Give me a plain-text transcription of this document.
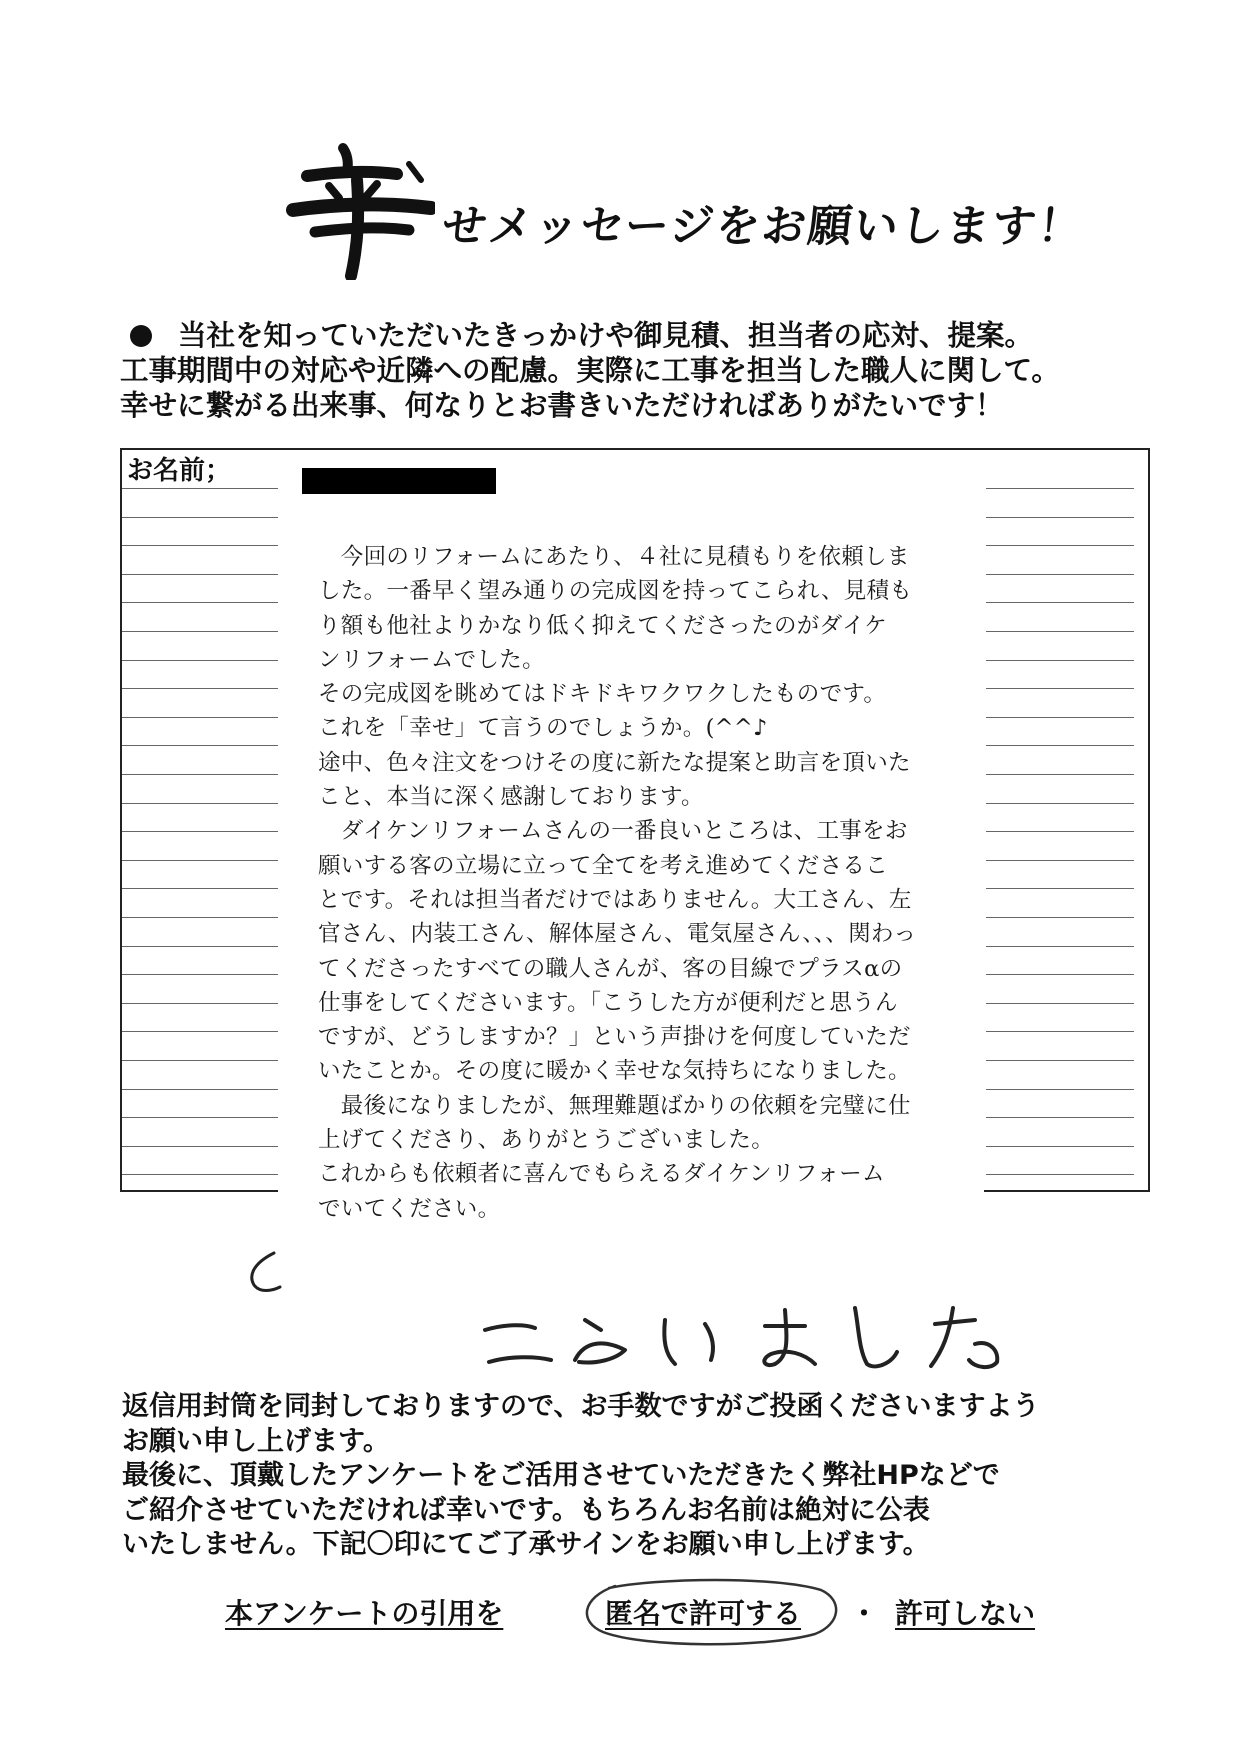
せメッセージをお願いします！
当社を知っていただいたきっかけや御見積、担当者の応対、提案。
工事期間中の対応や近隣への配慮。実際に工事を担当した職人に関して。
幸せに繋がる出来事、何なりとお書きいただければありがたいです！
お名前；
　今回のリフォームにあたり、４社に見積もりを依頼しま
した。一番早く望み通りの完成図を持ってこられ、見積も
り額も他社よりかなり低く抑えてくださったのがダイケ
ンリフォームでした。
その完成図を眺めてはドキドキワクワクしたものです。
これを「幸せ」て言うのでしょうか。(^^♪
途中、色々注文をつけその度に新たな提案と助言を頂いた
こと、本当に深く感謝しております。
　ダイケンリフォームさんの一番良いところは、工事をお
願いする客の立場に立って全てを考え進めてくださるこ
とです。それは担当者だけではありません。大工さん、左
官さん、内装工さん、解体屋さん、電気屋さん、、、関わっ
てくださったすべての職人さんが、客の目線でプラスαの
仕事をしてくださいます。「こうした方が便利だと思うん
ですが、どうしますか？」という声掛けを何度していただ
いたことか。その度に暖かく幸せな気持ちになりました。
　最後になりましたが、無理難題ばかりの依頼を完璧に仕
上げてくださり、ありがとうございました。
これからも依頼者に喜んでもらえるダイケンリフォーム
でいてください。
返信用封筒を同封しておりますので、お手数ですがご投函くださいますよう
お願い申し上げます。
最後に、頂戴したアンケートをご活用させていただきたく弊社HPなどで
ご紹介させていただければ幸いです。もちろんお名前は絶対に公表
いたしません。下記〇印にてご了承サインをお願い申し上げます。
本アンケートの引用を	匿名で許可する ・ 許可しない
